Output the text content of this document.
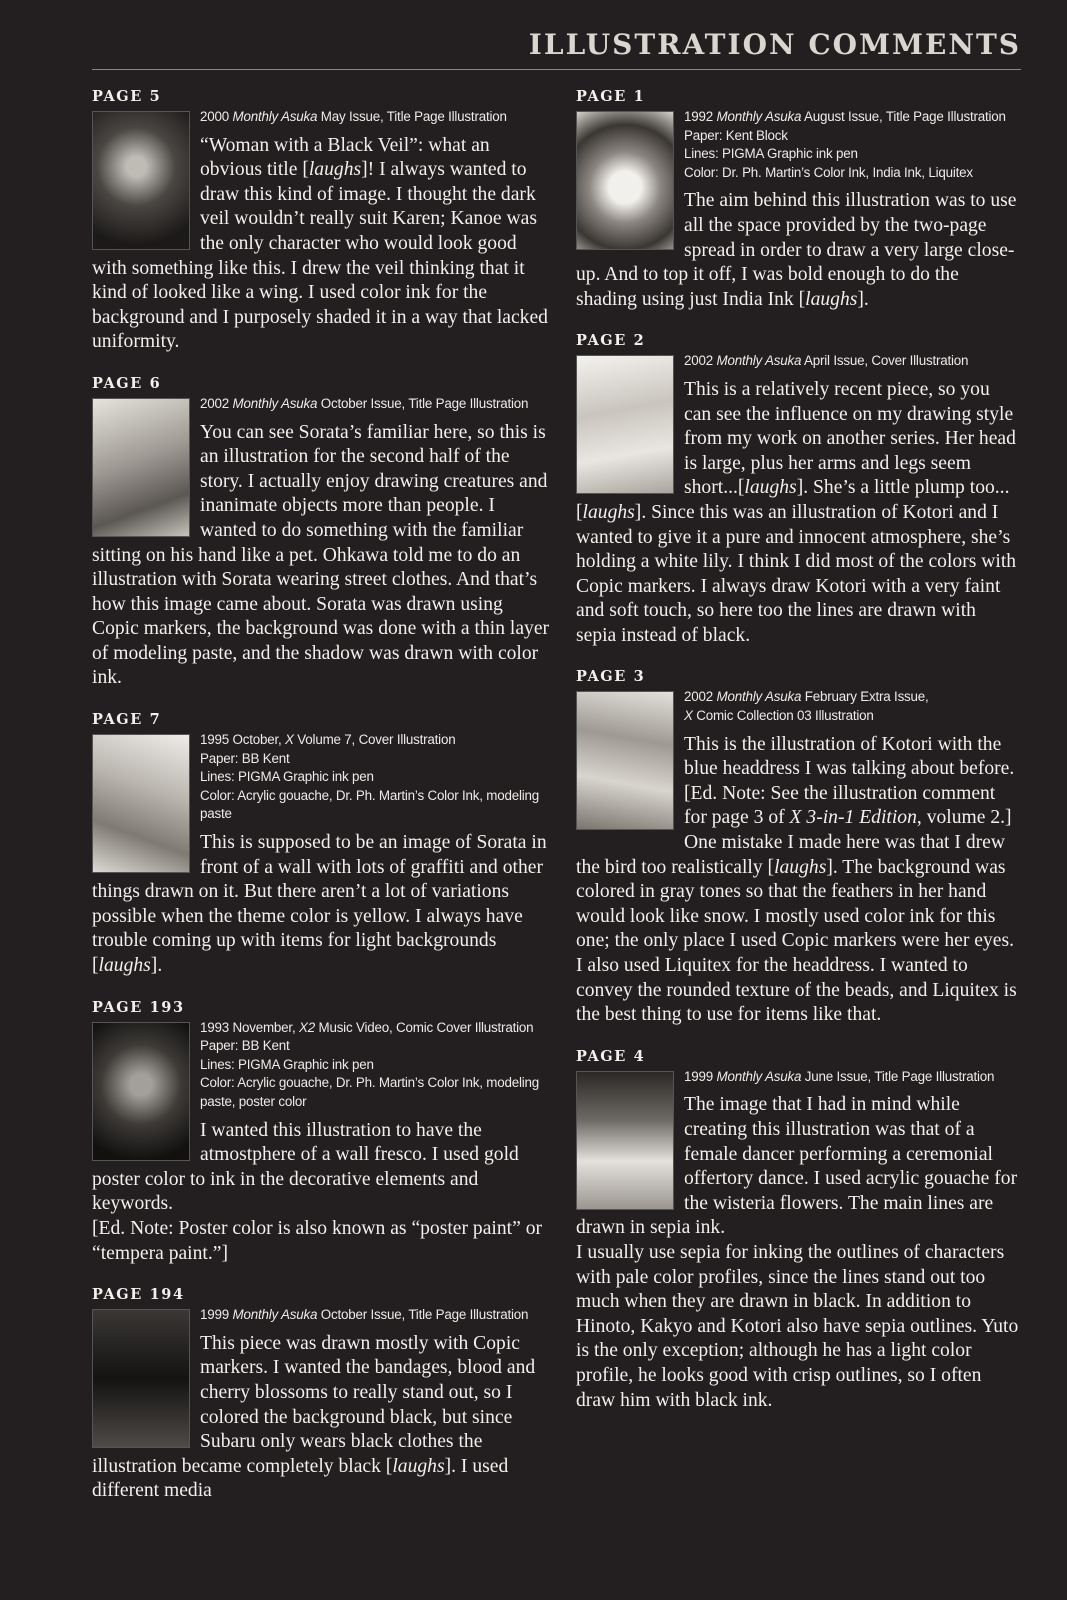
ILLUSTRATION COMMENTS
PAGE 5
2000 Monthly Asuka May Issue, Title Page Illustration
“Woman with a Black Veil”: what an obvious title [laughs]! I always wanted to draw this kind of image. I thought the dark veil wouldn’t really suit Karen; Kanoe was the only character who would look good with something like this. I drew the veil thinking that it kind of looked like a wing. I used color ink for the background and I purposely shaded it in a way that lacked uniformity.
PAGE 6
2002 Monthly Asuka October Issue, Title Page Illustration
You can see Sorata’s familiar here, so this is an illustration for the second half of the story. I actually enjoy drawing creatures and inanimate objects more than people. I wanted to do something with the familiar sitting on his hand like a pet. Ohkawa told me to do an illustration with Sorata wearing street clothes. And that’s how this image came about. Sorata was drawn using Copic markers, the background was done with a thin layer of modeling paste, and the shadow was drawn with color ink.
PAGE 7
1995 October, X Volume 7, Cover Illustration
Paper: BB Kent
Lines: PIGMA Graphic ink pen
Color: Acrylic gouache, Dr. Ph. Martin’s Color Ink, modeling paste
This is supposed to be an image of Sorata in front of a wall with lots of graffiti and other things drawn on it. But there aren’t a lot of variations possible when the theme color is yellow. I always have trouble coming up with items for light backgrounds [laughs].
PAGE 193
1993 November, X2 Music Video, Comic Cover Illustration
Paper: BB Kent
Lines: PIGMA Graphic ink pen
Color: Acrylic gouache, Dr. Ph. Martin’s Color Ink, modeling paste, poster color
I wanted this illustration to have the atmostphere of a wall fresco. I used gold poster color to ink in the decorative elements and keywords.
[Ed. Note: Poster color is also known as “poster paint” or “tempera paint.”]
PAGE 194
1999 Monthly Asuka October Issue, Title Page Illustration
This piece was drawn mostly with Copic markers. I wanted the bandages, blood and cherry blossoms to really stand out, so I colored the background black, but since Subaru only wears black clothes the illustration became completely black [laughs]. I used different media
PAGE 1
1992 Monthly Asuka August Issue, Title Page Illustration
Paper: Kent Block
Lines: PIGMA Graphic ink pen
Color: Dr. Ph. Martin’s Color Ink, India Ink, Liquitex
The aim behind this illustration was to use all the space provided by the two-page spread in order to draw a very large close-up. And to top it off, I was bold enough to do the shading using just India Ink [laughs].
PAGE 2
2002 Monthly Asuka April Issue, Cover Illustration
This is a relatively recent piece, so you can see the influence on my drawing style from my work on another series. Her head is large, plus her arms and legs seem short...[laughs]. She’s a little plump too...[laughs]. Since this was an illustration of Kotori and I wanted to give it a pure and innocent atmosphere, she’s holding a white lily. I think I did most of the colors with Copic markers. I always draw Kotori with a very faint and soft touch, so here too the lines are drawn with sepia instead of black.
PAGE 3
2002 Monthly Asuka February Extra Issue,
X Comic Collection 03 Illustration
This is the illustration of Kotori with the blue headdress I was talking about before. [Ed. Note: See the illustration comment for page 3 of X 3-in-1 Edition, volume 2.] One mistake I made here was that I drew the bird too realistically [laughs]. The background was colored in gray tones so that the feathers in her hand would look like snow. I mostly used color ink for this one; the only place I used Copic markers were her eyes. I also used Liquitex for the headdress. I wanted to convey the rounded texture of the beads, and Liquitex is the best thing to use for items like that.
PAGE 4
1999 Monthly Asuka June Issue, Title Page Illustration
The image that I had in mind while creating this illustration was that of a female dancer performing a ceremonial offertory dance. I used acrylic gouache for the wisteria flowers. The main lines are drawn in sepia ink.
I usually use sepia for inking the outlines of characters with pale color profiles, since the lines stand out too much when they are drawn in black. In addition to Hinoto, Kakyo and Kotori also have sepia outlines. Yuto is the only exception; although he has a light color profile, he looks good with crisp outlines, so I often draw him with black ink.
